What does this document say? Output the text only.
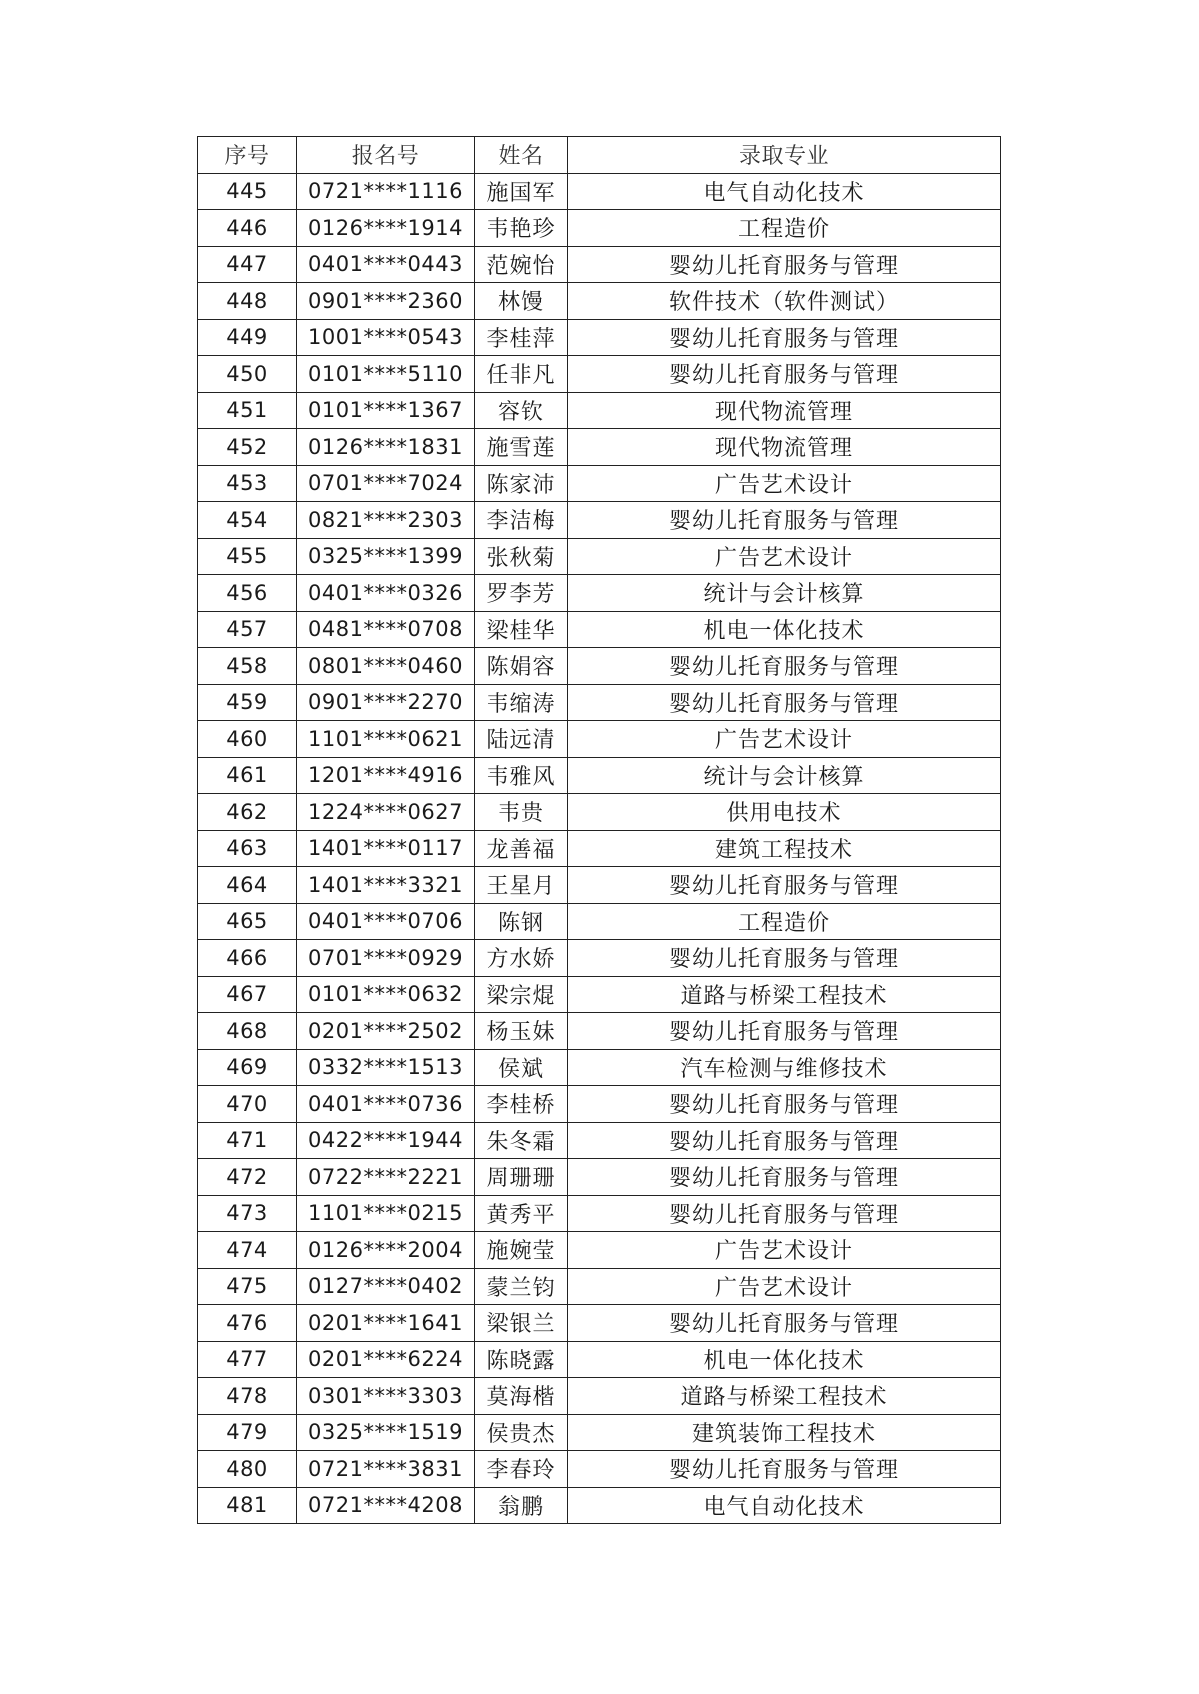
序号	报名号	姓名	录取专业
445	0721****1116	施国军	电气自动化技术
446	0126****1914	韦艳珍	工程造价
447	0401****0443	范婉怡	婴幼儿托育服务与管理
448	0901****2360	林馒	软件技术（软件测试）
449	1001****0543	李桂萍	婴幼儿托育服务与管理
450	0101****5110	任非凡	婴幼儿托育服务与管理
451	0101****1367	容钦	现代物流管理
452	0126****1831	施雪莲	现代物流管理
453	0701****7024	陈家沛	广告艺术设计
454	0821****2303	李洁梅	婴幼儿托育服务与管理
455	0325****1399	张秋菊	广告艺术设计
456	0401****0326	罗李芳	统计与会计核算
457	0481****0708	梁桂华	机电一体化技术
458	0801****0460	陈娟容	婴幼儿托育服务与管理
459	0901****2270	韦缩涛	婴幼儿托育服务与管理
460	1101****0621	陆远清	广告艺术设计
461	1201****4916	韦雅风	统计与会计核算
462	1224****0627	韦贵	供用电技术
463	1401****0117	龙善福	建筑工程技术
464	1401****3321	王星月	婴幼儿托育服务与管理
465	0401****0706	陈钢	工程造价
466	0701****0929	方水娇	婴幼儿托育服务与管理
467	0101****0632	梁宗焜	道路与桥梁工程技术
468	0201****2502	杨玉妹	婴幼儿托育服务与管理
469	0332****1513	侯斌	汽车检测与维修技术
470	0401****0736	李桂桥	婴幼儿托育服务与管理
471	0422****1944	朱冬霜	婴幼儿托育服务与管理
472	0722****2221	周珊珊	婴幼儿托育服务与管理
473	1101****0215	黄秀平	婴幼儿托育服务与管理
474	0126****2004	施婉莹	广告艺术设计
475	0127****0402	蒙兰钧	广告艺术设计
476	0201****1641	梁银兰	婴幼儿托育服务与管理
477	0201****6224	陈晓露	机电一体化技术
478	0301****3303	莫海楷	道路与桥梁工程技术
479	0325****1519	侯贵杰	建筑装饰工程技术
480	0721****3831	李春玲	婴幼儿托育服务与管理
481	0721****4208	翁鹏	电气自动化技术
